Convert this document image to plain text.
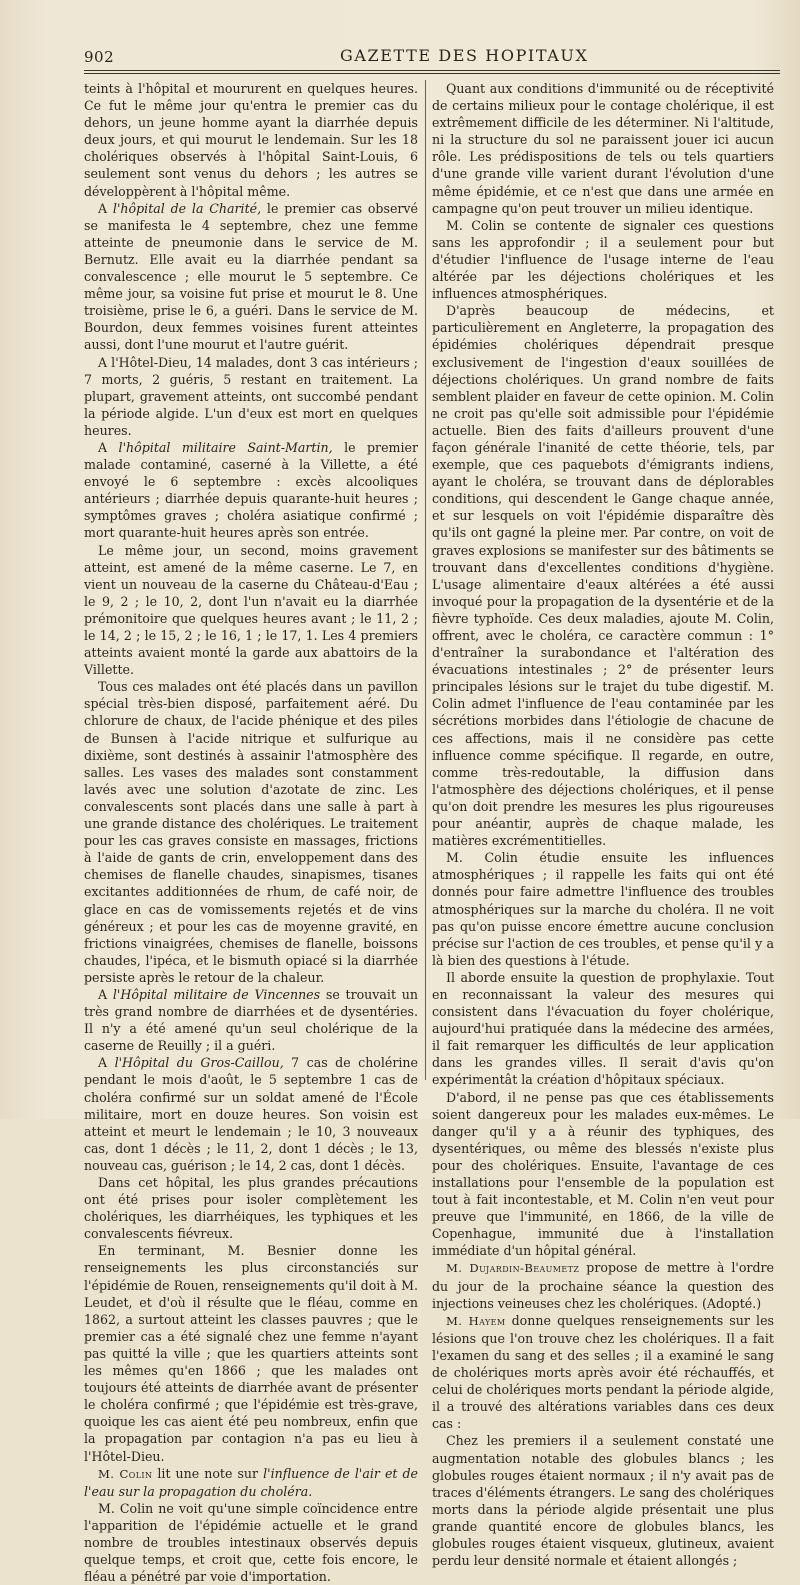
902	GAZETTE DES HOPITAUX

teints à l'hôpital et moururent en quelques heures. Ce fut le même jour qu'entra le premier cas du dehors, un jeune homme ayant la diarrhée depuis deux jours, et qui mourut le lendemain. Sur les 18 cholériques observés à l'hôpital Saint-Louis, 6 seulement sont venus du dehors ; les autres se développèrent à l'hôpital même.

A l'hôpital de la Charité, le premier cas observé se manifesta le 4 septembre, chez une femme atteinte de pneumonie dans le service de M. Bernutz. Elle avait eu la diarrhée pendant sa convalescence ; elle mourut le 5 septembre. Ce même jour, sa voisine fut prise et mourut le 8. Une troisième, prise le 6, a guéri. Dans le service de M. Bourdon, deux femmes voisines furent atteintes aussi, dont l'une mourut et l'autre guérit.

A l'Hôtel-Dieu, 14 malades, dont 3 cas intérieurs ; 7 morts, 2 guéris, 5 restant en traitement. La plupart, gravement atteints, ont succombé pendant la période algide. L'un d'eux est mort en quelques heures.

A l'hôpital militaire Saint-Martin, le premier malade contaminé, caserné à la Villette, a été envoyé le 6 septembre : excès alcooliques antérieurs ; diarrhée depuis quarante-huit heures ; symptômes graves ; choléra asiatique confirmé ; mort quarante-huit heures après son entrée.

Le même jour, un second, moins gravement atteint, est amené de la même caserne. Le 7, en vient un nouveau de la caserne du Château-d'Eau ; le 9, 2 ; le 10, 2, dont l'un n'avait eu la diarrhée prémonitoire que quelques heures avant ; le 11, 2 ; le 14, 2 ; le 15, 2 ; le 16, 1 ; le 17, 1. Les 4 premiers atteints avaient monté la garde aux abattoirs de la Villette.

Tous ces malades ont été placés dans un pavillon spécial très-bien disposé, parfaitement aéré. Du chlorure de chaux, de l'acide phénique et des piles de Bunsen à l'acide nitrique et sulfurique au dixième, sont destinés à assainir l'atmosphère des salles. Les vases des malades sont constamment lavés avec une solution d'azotate de zinc. Les convalescents sont placés dans une salle à part à une grande distance des cholériques. Le traitement pour les cas graves consiste en massages, frictions à l'aide de gants de crin, enveloppement dans des chemises de flanelle chaudes, sinapismes, tisanes excitantes additionnées de rhum, de café noir, de glace en cas de vomissements rejetés et de vins généreux ; et pour les cas de moyenne gravité, en frictions vinaigrées, chemises de flanelle, boissons chaudes, l'ipéca, et le bismuth opiacé si la diarrhée persiste après le retour de la chaleur.

A l'Hôpital militaire de Vincennes se trouvait un très grand nombre de diarrhées et de dysentéries. Il n'y a été amené qu'un seul cholérique de la caserne de Reuilly ; il a guéri.

A l'Hôpital du Gros-Caillou, 7 cas de cholérine pendant le mois d'août, le 5 septembre 1 cas de choléra confirmé sur un soldat amené de l'École militaire, mort en douze heures. Son voisin est atteint et meurt le lendemain ; le 10, 3 nouveaux cas, dont 1 décès ; le 11, 2, dont 1 décès ; le 13, nouveau cas, guérison ; le 14, 2 cas, dont 1 décès.

Dans cet hôpital, les plus grandes précautions ont été prises pour isoler complètement les cholériques, les diarrhéiques, les typhiques et les convalescents fiévreux.

En terminant, M. Besnier donne les renseignements les plus circonstanciés sur l'épidémie de Rouen, renseignements qu'il doit à M. Leudet, et d'où il résulte que le fléau, comme en 1862, a surtout atteint les classes pauvres ; que le premier cas a été signalé chez une femme n'ayant pas quitté la ville ; que les quartiers atteints sont les mêmes qu'en 1866 ; que les malades ont toujours été atteints de diarrhée avant de présenter le choléra confirmé ; que l'épidémie est très-grave, quoique les cas aient été peu nombreux, enfin que la propagation par contagion n'a pas eu lieu à l'Hôtel-Dieu.

M. Colin lit une note sur l'influence de l'air et de l'eau sur la propagation du choléra.

M. Colin ne voit qu'une simple coïncidence entre l'apparition de l'épidémie actuelle et le grand nombre de troubles intestinaux observés depuis quelque temps, et croit que, cette fois encore, le fléau a pénétré par voie d'importation.

Quant aux conditions d'immunité ou de réceptivité de certains milieux pour le contage cholérique, il est extrêmement difficile de les déterminer. Ni l'altitude, ni la structure du sol ne paraissent jouer ici aucun rôle. Les prédispositions de tels ou tels quartiers d'une grande ville varient durant l'évolution d'une même épidémie, et ce n'est que dans une armée en campagne qu'on peut trouver un milieu identique.

M. Colin se contente de signaler ces questions sans les approfondir ; il a seulement pour but d'étudier l'influence de l'usage interne de l'eau altérée par les déjections cholériques et les influences atmosphériques.

D'après beaucoup de médecins, et particulièrement en Angleterre, la propagation des épidémies cholériques dépendrait presque exclusivement de l'ingestion d'eaux souillées de déjections cholériques. Un grand nombre de faits semblent plaider en faveur de cette opinion. M. Colin ne croit pas qu'elle soit admissible pour l'épidémie actuelle. Bien des faits d'ailleurs prouvent d'une façon générale l'inanité de cette théorie, tels, par exemple, que ces paquebots d'émigrants indiens, ayant le choléra, se trouvant dans de déplorables conditions, qui descendent le Gange chaque année, et sur lesquels on voit l'épidémie disparaître dès qu'ils ont gagné la pleine mer. Par contre, on voit de graves explosions se manifester sur des bâtiments se trouvant dans d'excellentes conditions d'hygiène. L'usage alimentaire d'eaux altérées a été aussi invoqué pour la propagation de la dysentérie et de la fièvre typhoïde. Ces deux maladies, ajoute M. Colin, offrent, avec le choléra, ce caractère commun : 1° d'entraîner la surabondance et l'altération des évacuations intestinales ; 2° de présenter leurs principales lésions sur le trajet du tube digestif. M. Colin admet l'influence de l'eau contaminée par les sécrétions morbides dans l'étiologie de chacune de ces affections, mais il ne considère pas cette influence comme spécifique. Il regarde, en outre, comme très-redoutable, la diffusion dans l'atmosphère des déjections cholériques, et il pense qu'on doit prendre les mesures les plus rigoureuses pour anéantir, auprès de chaque malade, les matières excrémentitielles.

M. Colin étudie ensuite les influences atmosphériques ; il rappelle les faits qui ont été donnés pour faire admettre l'influence des troubles atmosphériques sur la marche du choléra. Il ne voit pas qu'on puisse encore émettre aucune conclusion précise sur l'action de ces troubles, et pense qu'il y a là bien des questions à l'étude.

Il aborde ensuite la question de prophylaxie. Tout en reconnaissant la valeur des mesures qui consistent dans l'évacuation du foyer cholérique, aujourd'hui pratiquée dans la médecine des armées, il fait remarquer les difficultés de leur application dans les grandes villes. Il serait d'avis qu'on expérimentât la création d'hôpitaux spéciaux.

D'abord, il ne pense pas que ces établissements soient dangereux pour les malades eux-mêmes. Le danger qu'il y a à réunir des typhiques, des dysentériques, ou même des blessés n'existe plus pour des cholériques. Ensuite, l'avantage de ces installations pour l'ensemble de la population est tout à fait incontestable, et M. Colin n'en veut pour preuve que l'immunité, en 1866, de la ville de Copenhague, immunité due à l'installation immédiate d'un hôpital général.

M. Dujardin-Beaumetz propose de mettre à l'ordre du jour de la prochaine séance la question des injections veineuses chez les cholériques. (Adopté.)

M. Hayem donne quelques renseignements sur les lésions que l'on trouve chez les cholériques. Il a fait l'examen du sang et des selles ; il a examiné le sang de cholériques morts après avoir été réchauffés, et celui de cholériques morts pendant la période algide, il a trouvé des altérations variables dans ces deux cas :

Chez les premiers il a seulement constaté une augmentation notable des globules blancs ; les globules rouges étaient normaux ; il n'y avait pas de traces d'éléments étrangers. Le sang des cholériques morts dans la période algide présentait une plus grande quantité encore de globules blancs, les globules rouges étaient visqueux, glutineux, avaient perdu leur densité normale et étaient allongés ;
